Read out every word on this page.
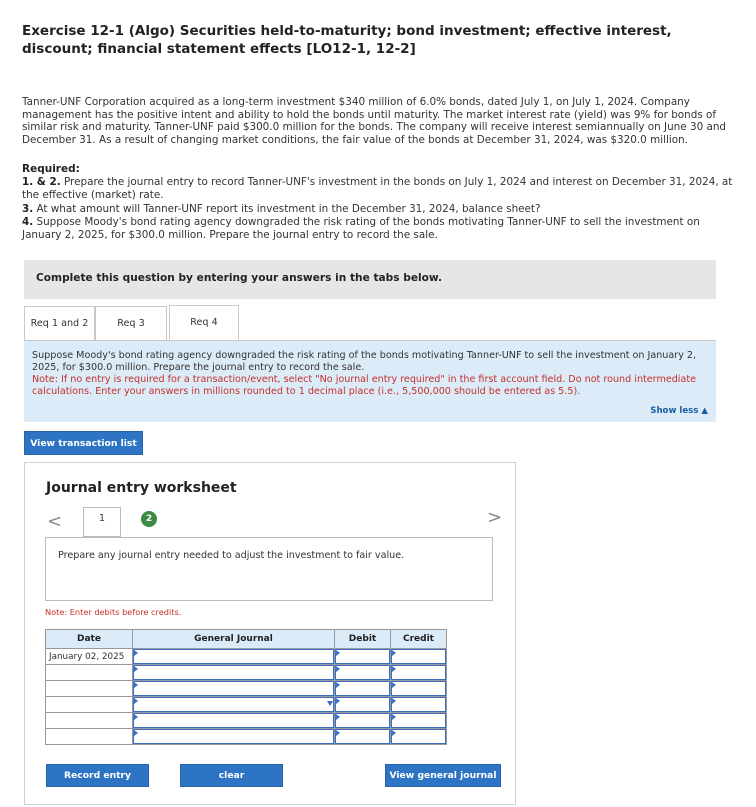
Exercise 12-1 (Algo) Securities held-to-maturity; bond investment; effective interest, discount; financial statement effects [LO12-1, 12-2]
Tanner-UNF Corporation acquired as a long-term investment $340 million of 6.0% bonds, dated July 1, on July 1, 2024. Company management has the positive intent and ability to hold the bonds until maturity. The market interest rate (yield) was 9% for bonds of similar risk and maturity. Tanner-UNF paid $300.0 million for the bonds. The company will receive interest semiannually on June 30 and December 31. As a result of changing market conditions, the fair value of the bonds at December 31, 2024, was $320.0 million.
Required:
1. & 2. Prepare the journal entry to record Tanner-UNF's investment in the bonds on July 1, 2024 and interest on December 31, 2024, at the effective (market) rate.
3. At what amount will Tanner-UNF report its investment in the December 31, 2024, balance sheet?
4. Suppose Moody's bond rating agency downgraded the risk rating of the bonds motivating Tanner-UNF to sell the investment on January 2, 2025, for $300.0 million. Prepare the journal entry to record the sale.
Complete this question by entering your answers in the tabs below.
Req 1 and 2	Req 3	Req 4
Suppose Moody's bond rating agency downgraded the risk rating of the bonds motivating Tanner-UNF to sell the investment on January 2, 2025, for $300.0 million. Prepare the journal entry to record the sale.
Note: If no entry is required for a transaction/event, select "No journal entry required" in the first account field. Do not round intermediate calculations. Enter your answers in millions rounded to 1 decimal place (i.e., 5,500,000 should be entered as 5.5).
Show less ▲
View transaction list
Journal entry worksheet
<	1	2	>
Prepare any journal entry needed to adjust the investment to fair value.
Note: Enter debits before credits.
Date	General Journal	Debit	Credit
January 02, 2025	

Record entry	clear	View general journal
